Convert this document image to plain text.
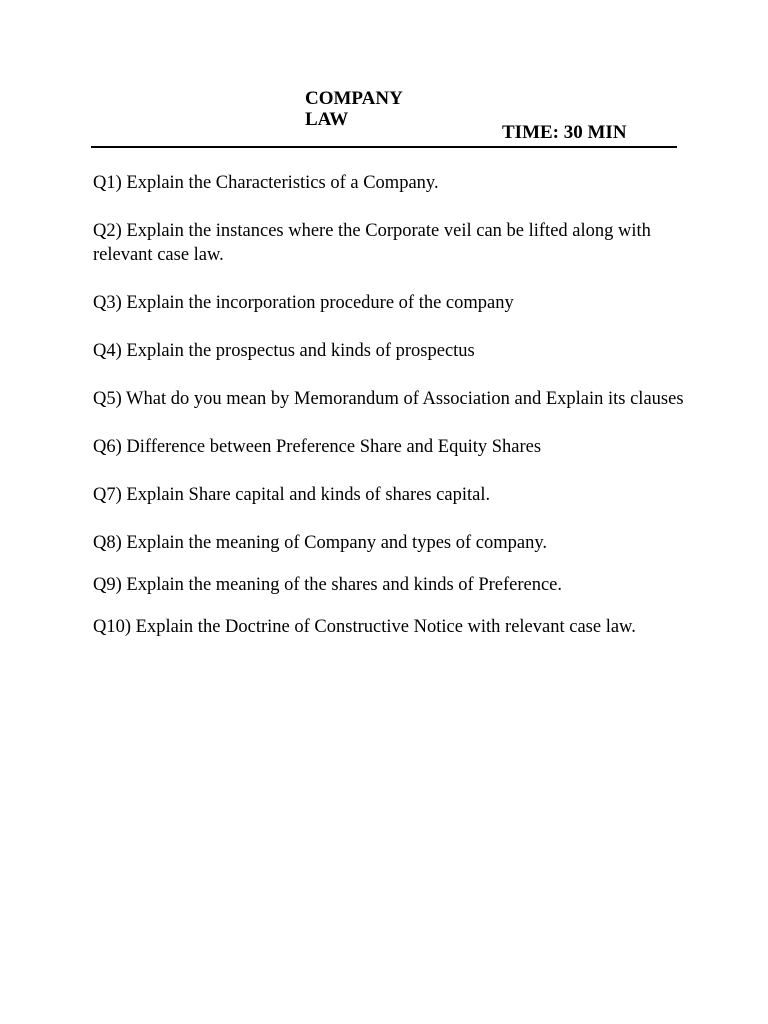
COMPANY LAW
TIME: 30 MIN
Q1) Explain the Characteristics of a Company.
Q2) Explain the instances where the Corporate veil can be lifted along with relevant case law.
Q3) Explain the incorporation procedure of the company
Q4) Explain the prospectus and kinds of prospectus
Q5) What do you mean by Memorandum of Association and Explain its clauses
Q6) Difference between Preference Share and Equity Shares
Q7) Explain Share capital and kinds of shares capital.
Q8) Explain the meaning of Company and types of company.
Q9) Explain the meaning of the shares and kinds of Preference.
Q10) Explain the Doctrine of Constructive Notice with relevant case law.
